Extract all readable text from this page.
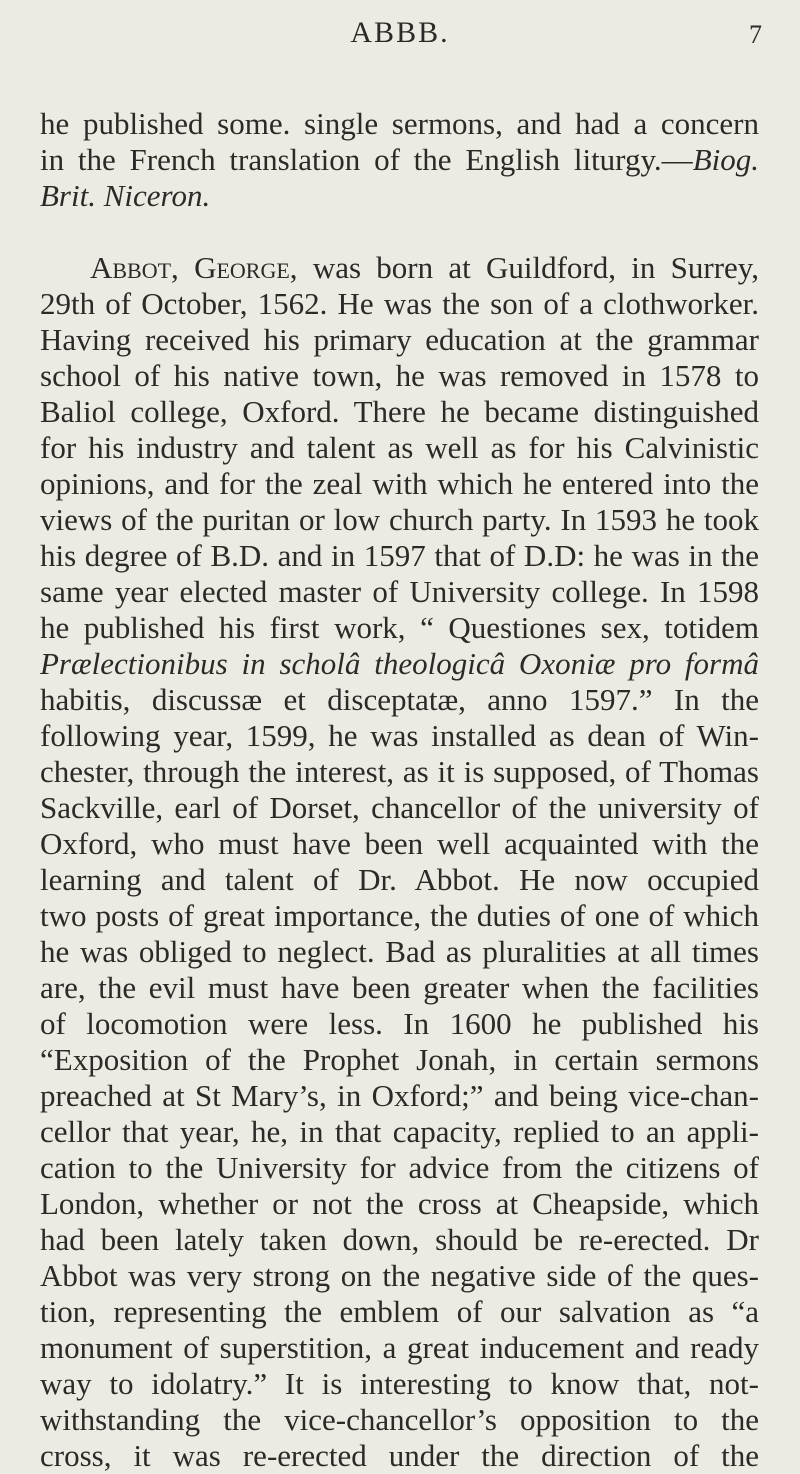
ABBB.	7
he published some. single sermons, and had a concern
in the French translation of the English liturgy.—Biog.
Brit. Niceron.
Abbot, George, was born at Guildford, in Surrey,
29th of October, 1562. He was the son of a clothworker.
Having received his primary education at the grammar
school of his native town, he was removed in 1578 to
Baliol college, Oxford. There he became distinguished
for his industry and talent as well as for his Calvinistic
opinions, and for the zeal with which he entered into the
views of the puritan or low church party. In 1593 he took
his degree of B.D. and in 1597 that of D.D: he was in the
same year elected master of University college. In 1598
he published his first work, “ Questiones sex, totidem
Prælectionibus in scholâ theologicâ Oxoniæ pro formâ
habitis, discussæ et disceptatæ, anno 1597.” In the
following year, 1599, he was installed as dean of Win-
chester, through the interest, as it is supposed, of Thomas
Sackville, earl of Dorset, chancellor of the university of
Oxford, who must have been well acquainted with the
learning and talent of Dr. Abbot. He now occupied
two posts of great importance, the duties of one of which
he was obliged to neglect. Bad as pluralities at all times
are, the evil must have been greater when the facilities
of locomotion were less. In 1600 he published his
“Exposition of the Prophet Jonah, in certain sermons
preached at St Mary’s, in Oxford;” and being vice-chan-
cellor that year, he, in that capacity, replied to an appli-
cation to the University for advice from the citizens of
London, whether or not the cross at Cheapside, which
had been lately taken down, should be re-erected. Dr
Abbot was very strong on the negative side of the ques-
tion, representing the emblem of our salvation as “a
monument of superstition, a great inducement and ready
way to idolatry.” It is interesting to know that, not-
withstanding the vice-chancellor’s opposition to the
cross, it was re-erected under the direction of the
